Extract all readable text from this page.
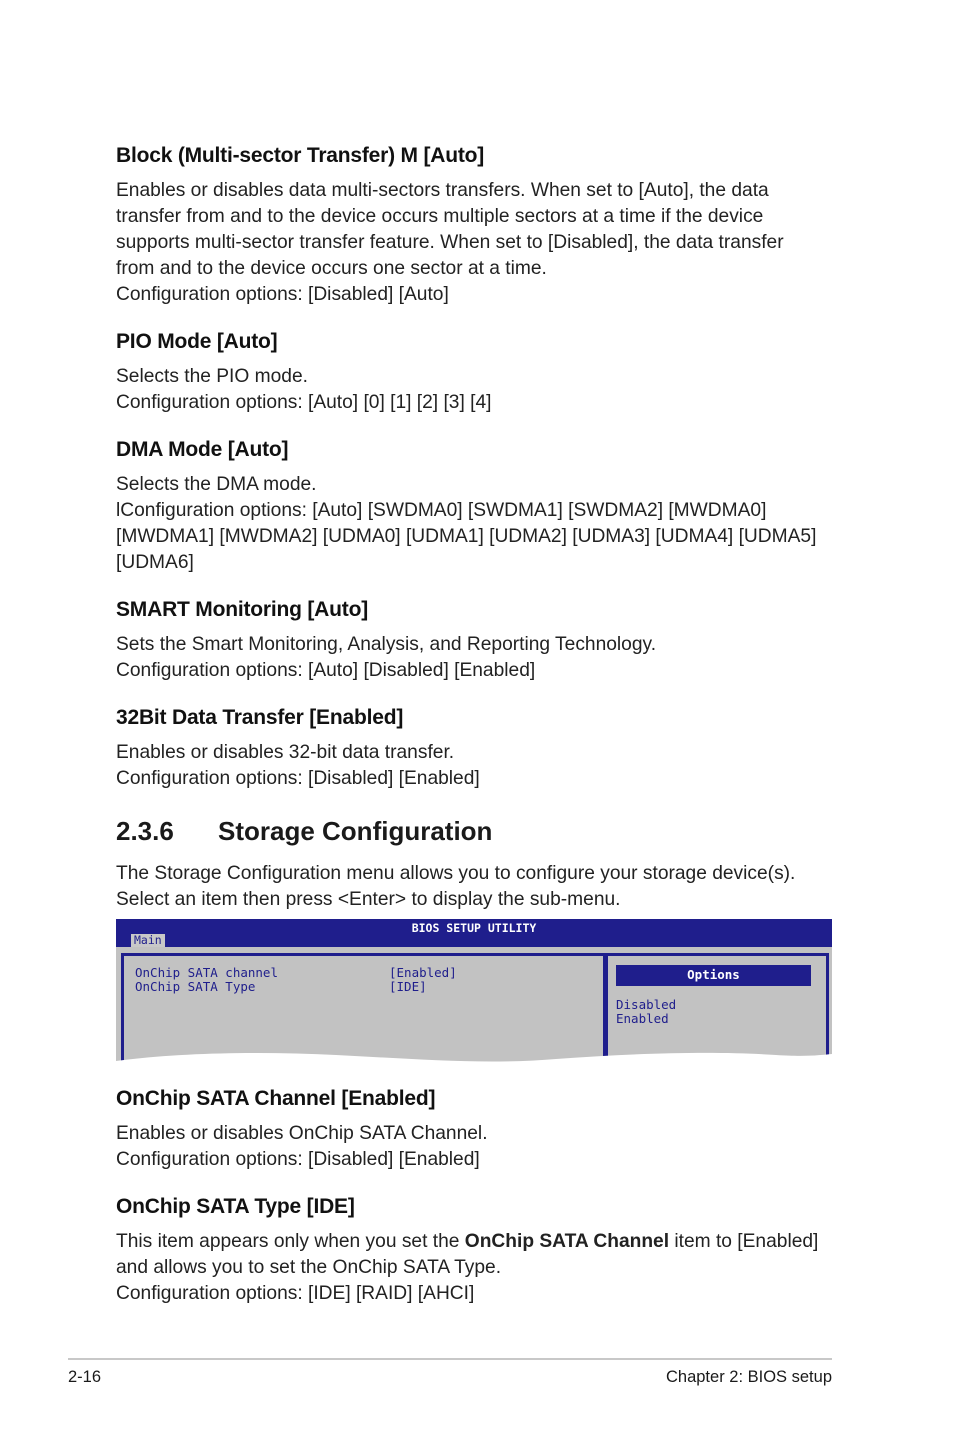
Block (Multi-sector Transfer) M [Auto]
Enables or disables data multi-sectors transfers. When set to [Auto], the data
transfer from and to the device occurs multiple sectors at a time if the device
supports multi-sector transfer feature. When set to [Disabled], the data transfer
from and to the device occurs one sector at a time.
Configuration options: [Disabled] [Auto]
PIO Mode [Auto]
Selects the PIO mode.
Configuration options: [Auto] [0] [1] [2] [3] [4]
DMA Mode [Auto]
Selects the DMA mode.
lConfiguration options: [Auto] [SWDMA0] [SWDMA1] [SWDMA2] [MWDMA0]
[MWDMA1] [MWDMA2] [UDMA0] [UDMA1] [UDMA2] [UDMA3] [UDMA4] [UDMA5]
[UDMA6]
SMART Monitoring [Auto]
Sets the Smart Monitoring, Analysis, and Reporting Technology.
Configuration options: [Auto] [Disabled] [Enabled]
32Bit Data Transfer [Enabled]
Enables or disables 32-bit data transfer.
Configuration options: [Disabled] [Enabled]
2.3.6 Storage Configuration
The Storage Configuration menu allows you to configure your storage device(s).
Select an item then press <Enter> to display the sub-menu.
BIOS SETUP UTILITY
Main
OnChip SATA channel	[Enabled]
OnChip SATA Type	[IDE]
Options
Disabled
Enabled
OnChip SATA Channel [Enabled]
Enables or disables OnChip SATA Channel.
Configuration options: [Disabled] [Enabled]
OnChip SATA Type [IDE]
This item appears only when you set the OnChip SATA Channel item to [Enabled]
and allows you to set the OnChip SATA Type.
Configuration options: [IDE] [RAID] [AHCI]
2-16	Chapter 2: BIOS setup
